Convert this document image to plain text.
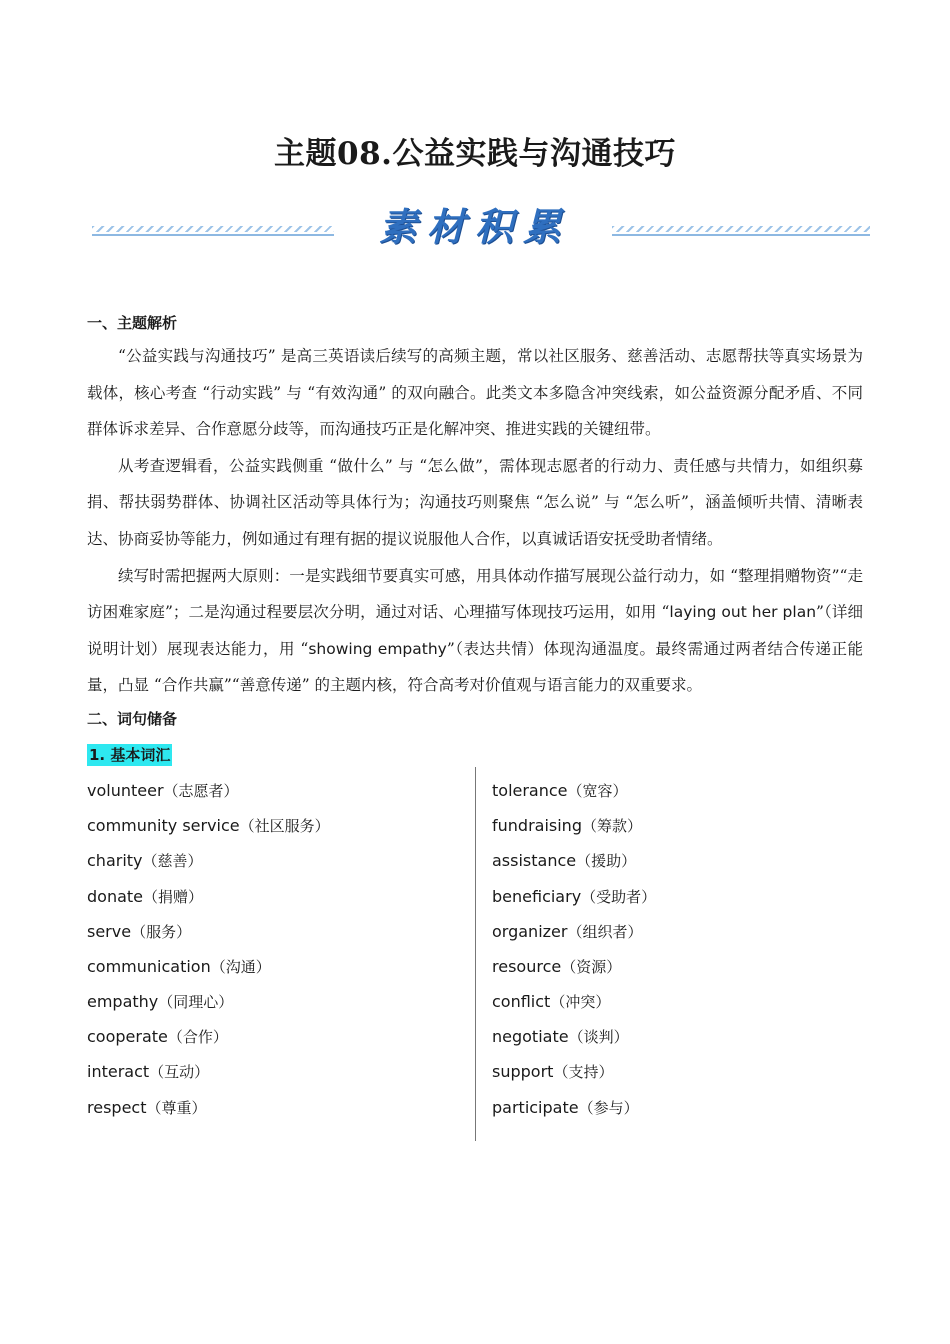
主题08.公益实践与沟通技巧
素材积累
一、主题解析

“公益实践与沟通技巧” 是高三英语读后续写的高频主题，常以社区服务、慈善活动、志愿帮扶等真实场景为载体，核心考查 “行动实践” 与 “有效沟通” 的双向融合。此类文本多隐含冲突线索，如公益资源分配矛盾、不同群体诉求差异、合作意愿分歧等，而沟通技巧正是化解冲突、推进实践的关键纽带。

从考查逻辑看，公益实践侧重 “做什么” 与 “怎么做”，需体现志愿者的行动力、责任感与共情力，如组织募捐、帮扶弱势群体、协调社区活动等具体行为；沟通技巧则聚焦 “怎么说” 与 “怎么听”，涵盖倾听共情、清晰表达、协商妥协等能力，例如通过有理有据的提议说服他人合作，以真诚话语安抚受助者情绪。

续写时需把握两大原则：一是实践细节要真实可感，用具体动作描写展现公益行动力，如 “整理捐赠物资”“走访困难家庭”；二是沟通过程要层次分明，通过对话、心理描写体现技巧运用，如用 “laying out her plan”（详细说明计划）展现表达能力，用 “showing empathy”（表达共情）体现沟通温度。最终需通过两者结合传递正能量，凸显 “合作共赢”“善意传递” 的主题内核，符合高考对价值观与语言能力的双重要求。

二、词句储备
1. 基本词汇
volunteer（志愿者）
community service（社区服务）
charity（慈善）
donate（捐赠）
serve（服务）
communication（沟通）
empathy（同理心）
cooperate（合作）
interact（互动）
respect（尊重）
tolerance（宽容）
fundraising（筹款）
assistance（援助）
beneficiary（受助者）
organizer（组织者）
resource（资源）
conflict（冲突）
negotiate（谈判）
support（支持）
participate（参与）
